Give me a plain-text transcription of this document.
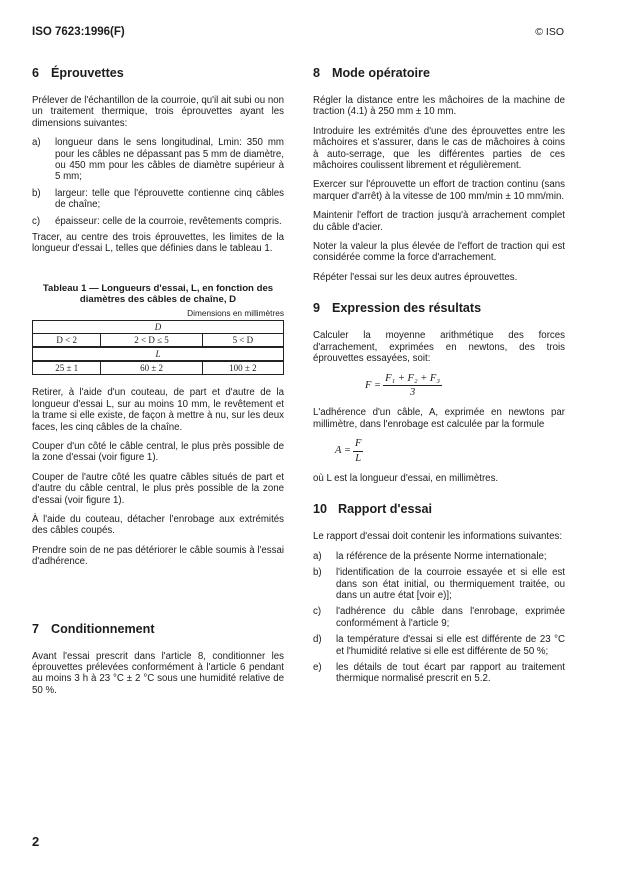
ISO 7623:1996(F)	© ISO
6 Éprouvettes

Prélever de l'échantillon de la courroie, qu'il ait subi ou non un traitement thermique, trois éprouvettes ayant les dimensions suivantes:

a)	longueur dans le sens longitudinal, Lmin: 350 mm pour les câbles ne dépassant pas 5 mm de diamètre, ou 450 mm pour les câbles de diamètre supérieur à 5 mm;
b)	largeur: telle que l'éprouvette contienne cinq câbles de chaîne;
c)	épaisseur: celle de la courroie, revêtements compris.

Tracer, au centre des trois éprouvettes, les limites de la longueur d'essai L, telles que définies dans le tableau 1.

Tableau 1 — Longueurs d'essai, L, en fonction des diamètres des câbles de chaîne, D
Dimensions en millimètres
D		
D < 2	2 < D ≤ 5	5 < D
L		
25 ± 1	60 ± 2	100 ± 2

Retirer, à l'aide d'un couteau, de part et d'autre de la longueur d'essai L, sur au moins 10 mm, le revêtement et la trame si elle existe, de façon à mettre à nu, sur les deux faces, les cinq câbles de la chaîne.

Couper d'un côté le câble central, le plus près possible de la zone d'essai (voir figure 1).

Couper de l'autre côté les quatre câbles situés de part et d'autre du câble central, le plus près possible de la zone d'essai (voir figure 1).

À l'aide du couteau, détacher l'enrobage aux extrémités des câbles coupés.

Prendre soin de ne pas détériorer le câble soumis à l'essai d'adhérence.

7 Conditionnement

Avant l'essai prescrit dans l'article 8, conditionner les éprouvettes prélevées conformément à l'article 6 pendant au moins 3 h à 23 °C ± 2 °C sous une humidité relative de 50 %.

8 Mode opératoire

Régler la distance entre les mâchoires de la machine de traction (4.1) à 250 mm ± 10 mm.

Introduire les extrémités d'une des éprouvettes entre les mâchoires et s'assurer, dans le cas de mâchoires à coins à auto-serrage, que les différentes parties de ces mâchoires coulissent librement et régulièrement.

Exercer sur l'éprouvette un effort de traction continu (sans marquer d'arrêt) à la vitesse de 100 mm/min ± 10 mm/min.

Maintenir l'effort de traction jusqu'à arrachement complet du câble d'acier.

Noter la valeur la plus élevée de l'effort de traction qui est considérée comme la force d'arrachement.

Répéter l'essai sur les deux autres éprouvettes.

9 Expression des résultats

Calculer la moyenne arithmétique des forces d'arrachement, exprimées en newtons, des trois éprouvettes essayées, soit:

$F = \frac{\text{F₁ + F₂ + F₃}}{3}$

L'adhérence d'un câble, A, exprimée en newtons par millimètre, dans l'enrobage est calculée par la formule

$A = \frac{F}{L}$

où L est la longueur d'essai, en millimètres.

10 Rapport d'essai

Le rapport d'essai doit contenir les informations suivantes:

a)	la référence de la présente Norme internationale;
b)	l'identification de la courroie essayée et si elle est dans son état initial, ou thermiquement traitée, ou dans un autre état [voir e)];
c)	l'adhérence du câble dans l'enrobage, exprimée conformément à l'article 9;
d)	la température d'essai si elle est différente de 23 °C et l'humidité relative si elle est différente de 50 %;
e)	les détails de tout écart par rapport au traitement thermique normalisé prescrit en 5.2.
2
